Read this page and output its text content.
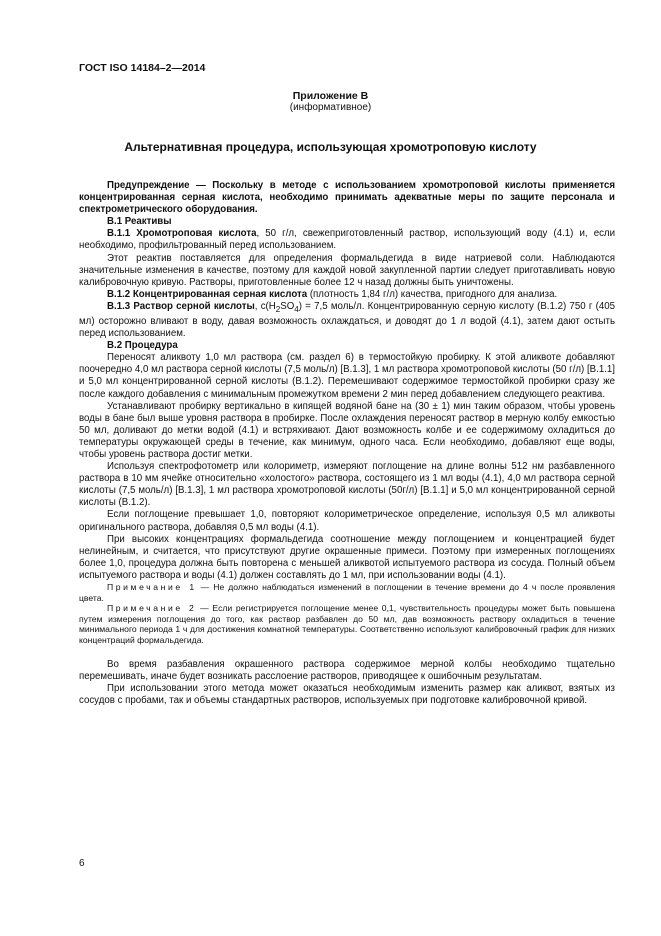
ГОСТ ISO 14184–2—2014
Приложение В
(информативное)
Альтернативная процедура, использующая хромотроповую кислоту

Предупреждение — Поскольку в методе с использованием хромотроповой кислоты применяется концентрированная серная кислота, необходимо принимать адекватные меры по защите персонала и спектрометрического оборудования.

В.1 Реактивы

В.1.1 Хромотроповая кислота, 50 г/л, свежеприготовленный раствор, использующий воду (4.1) и, если необходимо, профильтрованный перед использованием.

Этот реактив поставляется для определения формальдегида в виде натриевой соли. Наблюдаются значительные изменения в качестве, поэтому для каждой новой закупленной партии следует приготавливать новую калибровочную кривую. Растворы, приготовленные более 12 ч назад должны быть уничтожены.

В.1.2 Концентрированная серная кислота (плотность 1,84 г/л) качества, пригодного для анализа.

В.1.3 Раствор серной кислоты, $с(H_2SO_4) = 7,5$ моль/л. Концентрированную серную кислоту (В.1.2) 750 г (405 мл) осторожно вливают в воду, давая возможность охлаждаться, и доводят до 1 л водой (4.1), затем дают остыть перед использованием.

В.2 Процедура

Переносят аликвоту 1,0 мл раствора (см. раздел 6) в термостойкую пробирку. К этой аликвоте добавляют поочередно 4,0 мл раствора серной кислоты (7,5 моль/л) [В.1.3], 1 мл раствора хромотроповой кислоты (50 г/л) [В.1.1] и 5,0 мл концентрированной серной кислоты (В.1.2). Перемешивают содержимое термостойкой пробирки сразу же после каждого добавления с минимальным промежутком времени 2 мин перед добавлением следующего реактива.

Устанавливают пробирку вертикально в кипящей водяной бане на (30 ± 1) мин таким образом, чтобы уровень воды в бане был выше уровня раствора в пробирке. После охлаждения переносят раствор в мерную колбу емкостью 50 мл, доливают до метки водой (4.1) и встряхивают. Дают возможность колбе и ее содержимому охладиться до температуры окружающей среды в течение, как минимум, одного часа. Если необходимо, добавляют еще воды, чтобы уровень раствора достиг метки.

Используя спектрофотометр или колориметр, измеряют поглощение на длине волны 512 нм разбавленного раствора в 10 мм ячейке относительно «холостого» раствора, состоящего из 1 мл воды (4.1), 4,0 мл раствора серной кислоты (7,5 моль/л) [В.1.3], 1 мл раствора хромотроповой кислоты (50г/л) [В.1.1] и 5,0 мл концентрированной серной кислоты (В.1.2).

Если поглощение превышает 1,0, повторяют колориметрическое определение, используя 0,5 мл аликвоты оригинального раствора, добавляя 0,5 мл воды (4.1).

При высоких концентрациях формальдегида соотношение между поглощением и концентрацией будет нелинейным, и считается, что присутствуют другие окрашенные примеси. Поэтому при измеренных поглощениях более 1,0, процедура должна быть повторена с меньшей аликвотой испытуемого раствора из сосуда. Полный объем испытуемого раствора и воды (4.1) должен составлять до 1 мл, при использовании воды (4.1).

Примечание 1 — Не должно наблюдаться изменений в поглощении в течение времени до 4 ч после проявления цвета.

Примечание 2 — Если регистрируется поглощение менее 0,1, чувствительность процедуры может быть повышена путем измерения поглощения до того, как раствор разбавлен до 50 мл, дав возможность раствору охладиться в течение минимального периода 1 ч для достижения комнатной температуры. Соответственно используют калибровочный график для низких концентраций формальдегида.

Во время разбавления окрашенного раствора содержимое мерной колбы необходимо тщательно перемешивать, иначе будет возникать расслоение растворов, приводящее к ошибочным результатам.

При использовании этого метода может оказаться необходимым изменить размер как аликвот, взятых из сосудов с пробами, так и объемы стандартных растворов, используемых при подготовке калибровочной кривой.

6
